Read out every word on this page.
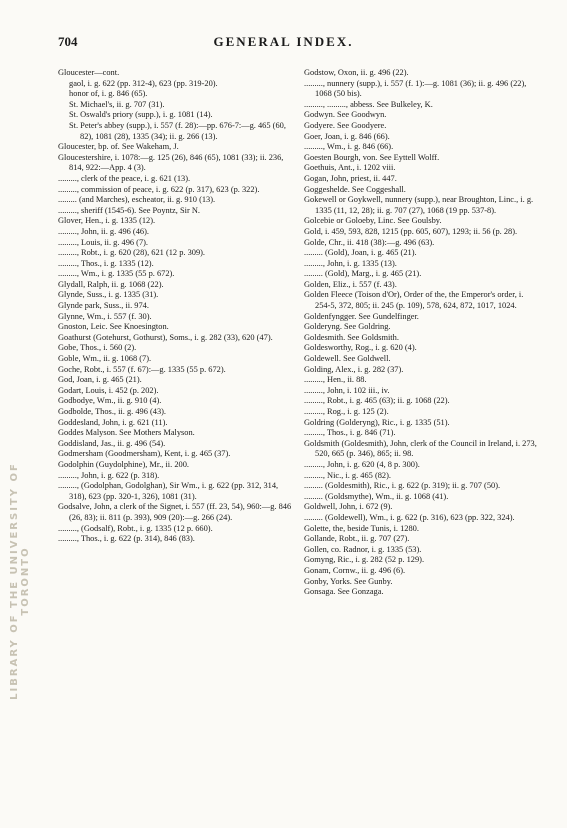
704	GENERAL INDEX.

Gloucester—cont.

gaol, i. g. 622 (pp. 312-4), 623 (pp. 319-20).

honor of, i. g. 846 (65).

St. Michael's, ii. g. 707 (31).

St. Oswald's priory (supp.), i. g. 1081 (14).

St. Peter's abbey (supp.), i. 557 (f. 28):—pp. 676-7:—g. 465 (60, 82), 1081 (28), 1335 (34); ii. g. 266 (13).

Gloucester, bp. of. See Wakeham, J.

Gloucestershire, i. 1078:—g. 125 (26), 846 (65), 1081 (33); ii. 236, 814, 922:—App. 4 (3).

........., clerk of the peace, i. g. 621 (13).

........., commission of peace, i. g. 622 (p. 317), 623 (p. 322).

......... (and Marches), escheator, ii. g. 910 (13).

........., sheriff (1545-6). See Poyntz, Sir N.

Glover, Hen., i. g. 1335 (12).

........., John, ii. g. 496 (46).

........., Louis, ii. g. 496 (7).

........., Robt., i. g. 620 (28), 621 (12 p. 309).

........., Thos., i. g. 1335 (12).

........., Wm., i. g. 1335 (55 p. 672).

Glydall, Ralph, ii. g. 1068 (22).

Glynde, Suss., i. g. 1335 (31).

Glynde park, Suss., ii. 974.

Glynne, Wm., i. 557 (f. 30).

Gnoston, Leic. See Knoesington.

Goathurst (Gotehurst, Gothurst), Soms., i. g. 282 (33), 620 (47).

Gobe, Thos., i. 560 (2).

Goble, Wm., ii. g. 1068 (7).

Goche, Robt., i. 557 (f. 67):—g. 1335 (55 p. 672).

God, Joan, i. g. 465 (21).

Godart, Louis, i. 452 (p. 202).

Godbodye, Wm., ii. g. 910 (4).

Godbolde, Thos., ii. g. 496 (43).

Goddesland, John, i. g. 621 (11).

Goddes Malyson. See Mothers Malyson.

Goddisland, Jas., ii. g. 496 (54).

Godmersham (Goodmersham), Kent, i. g. 465 (37).

Godolphin (Guydolphine), Mr., ii. 200.

........., John, i. g. 622 (p. 318).

........., (Godolphan, Godolghan), Sir Wm., i. g. 622 (pp. 312, 314, 318), 623 (pp. 320-1, 326), 1081 (31).

Godsalve, John, a clerk of the Signet, i. 557 (ff. 23, 54), 960:—g. 846 (26, 83); ii. 811 (p. 393), 909 (20):—g. 266 (24).

........., (Godsalf), Robt., i. g. 1335 (12 p. 660).

........., Thos., i. g. 622 (p. 314), 846 (83).

Godstow, Oxon, ii. g. 496 (22).

........., nunnery (supp.), i. 557 (f. 1):—g. 1081 (36); ii. g. 496 (22), 1068 (50 bis).

........., ........., abbess. See Bulkeley, K.

Godwyn. See Goodwyn.

Godyere. See Goodyere.

Goer, Joan, i. g. 846 (66).

........., Wm., i. g. 846 (66).

Goesten Bourgh, von. See Eyttell Wolff.

Goethuis, Ant., i. 1202 viii.

Gogan, John, priest, ii. 447.

Goggeshelde. See Coggeshall.

Gokewell or Goykwell, nunnery (supp.), near Broughton, Linc., i. g. 1335 (11, 12, 28); ii. g. 707 (27), 1068 (19 pp. 537-8).

Golcebie or Goloeby, Linc. See Goulsby.

Gold, i. 459, 593, 828, 1215 (pp. 605, 607), 1293; ii. 56 (p. 28).

Golde, Chr., ii. 418 (38):—g. 496 (63).

......... (Gold), Joan, i. g. 465 (21).

........., John, i. g. 1335 (13).

......... (Gold), Marg., i. g. 465 (21).

Golden, Eliz., i. 557 (f. 43).

Golden Fleece (Toison d'Or), Order of the, the Emperor's order, i. 254-5, 372, 805; ii. 245 (p. 109), 578, 624, 872, 1017, 1024.

Goldenfyngger. See Gundelfinger.

Golderyng. See Goldring.

Goldesmith. See Goldsmith.

Goldesworthy, Rog., i. g. 620 (4).

Goldewell. See Goldwell.

Golding, Alex., i. g. 282 (37).

........., Hen., ii. 88.

........., John, i. 102 iii., iv.

........., Robt., i. g. 465 (63); ii. g. 1068 (22).

........., Rog., i. g. 125 (2).

Goldring (Golderyng), Ric., i. g. 1335 (51).

........., Thos., i. g. 846 (71).

Goldsmith (Goldesmith), John, clerk of the Council in Ireland, i. 273, 520, 665 (p. 346), 865; ii. 98.

........., John, i. g. 620 (4, 8 p. 300).

........., Nic., i. g. 465 (82).

......... (Goldesmith), Ric., i. g. 622 (p. 319); ii. g. 707 (50).

......... (Goldsmythe), Wm., ii. g. 1068 (41).

Goldwell, John, i. 672 (9).

......... (Goldewell), Wm., i. g. 622 (p. 316), 623 (pp. 322, 324).

Golette, the, beside Tunis, i. 1280.

Gollande, Robt., ii. g. 707 (27).

Gollen, co. Radnor, i. g. 1335 (53).

Gomyng, Ric., i. g. 282 (52 p. 129).

Gonam, Cornw., ii. g. 496 (6).

Gonby, Yorks. See Gunby.

Gonsaga. See Gonzaga.

LIBRARY OF THE UNIVERSITY OF TORONTO
